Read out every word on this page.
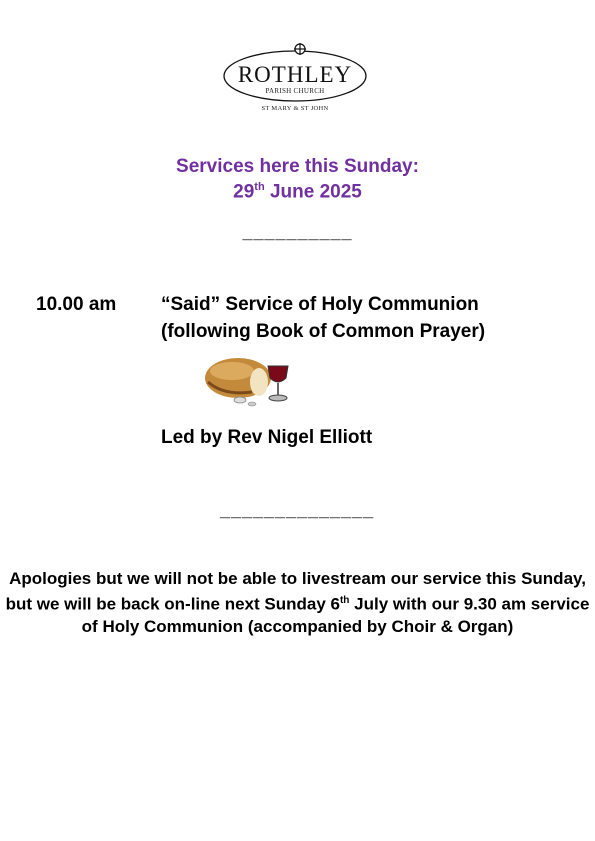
ROTHLEY
PARISH CHURCH
ST MARY & ST JOHN
Services here this Sunday:
29th June 2025
__________
10.00 am “Said” Service of Holy Communion
(following Book of Common Prayer)
Led by Rev Nigel Elliott
______________
Apologies but we will not be able to livestream our service this Sunday, but we will be back on-line next Sunday 6th July with our 9.30 am service of Holy Communion (accompanied by Choir & Organ)
